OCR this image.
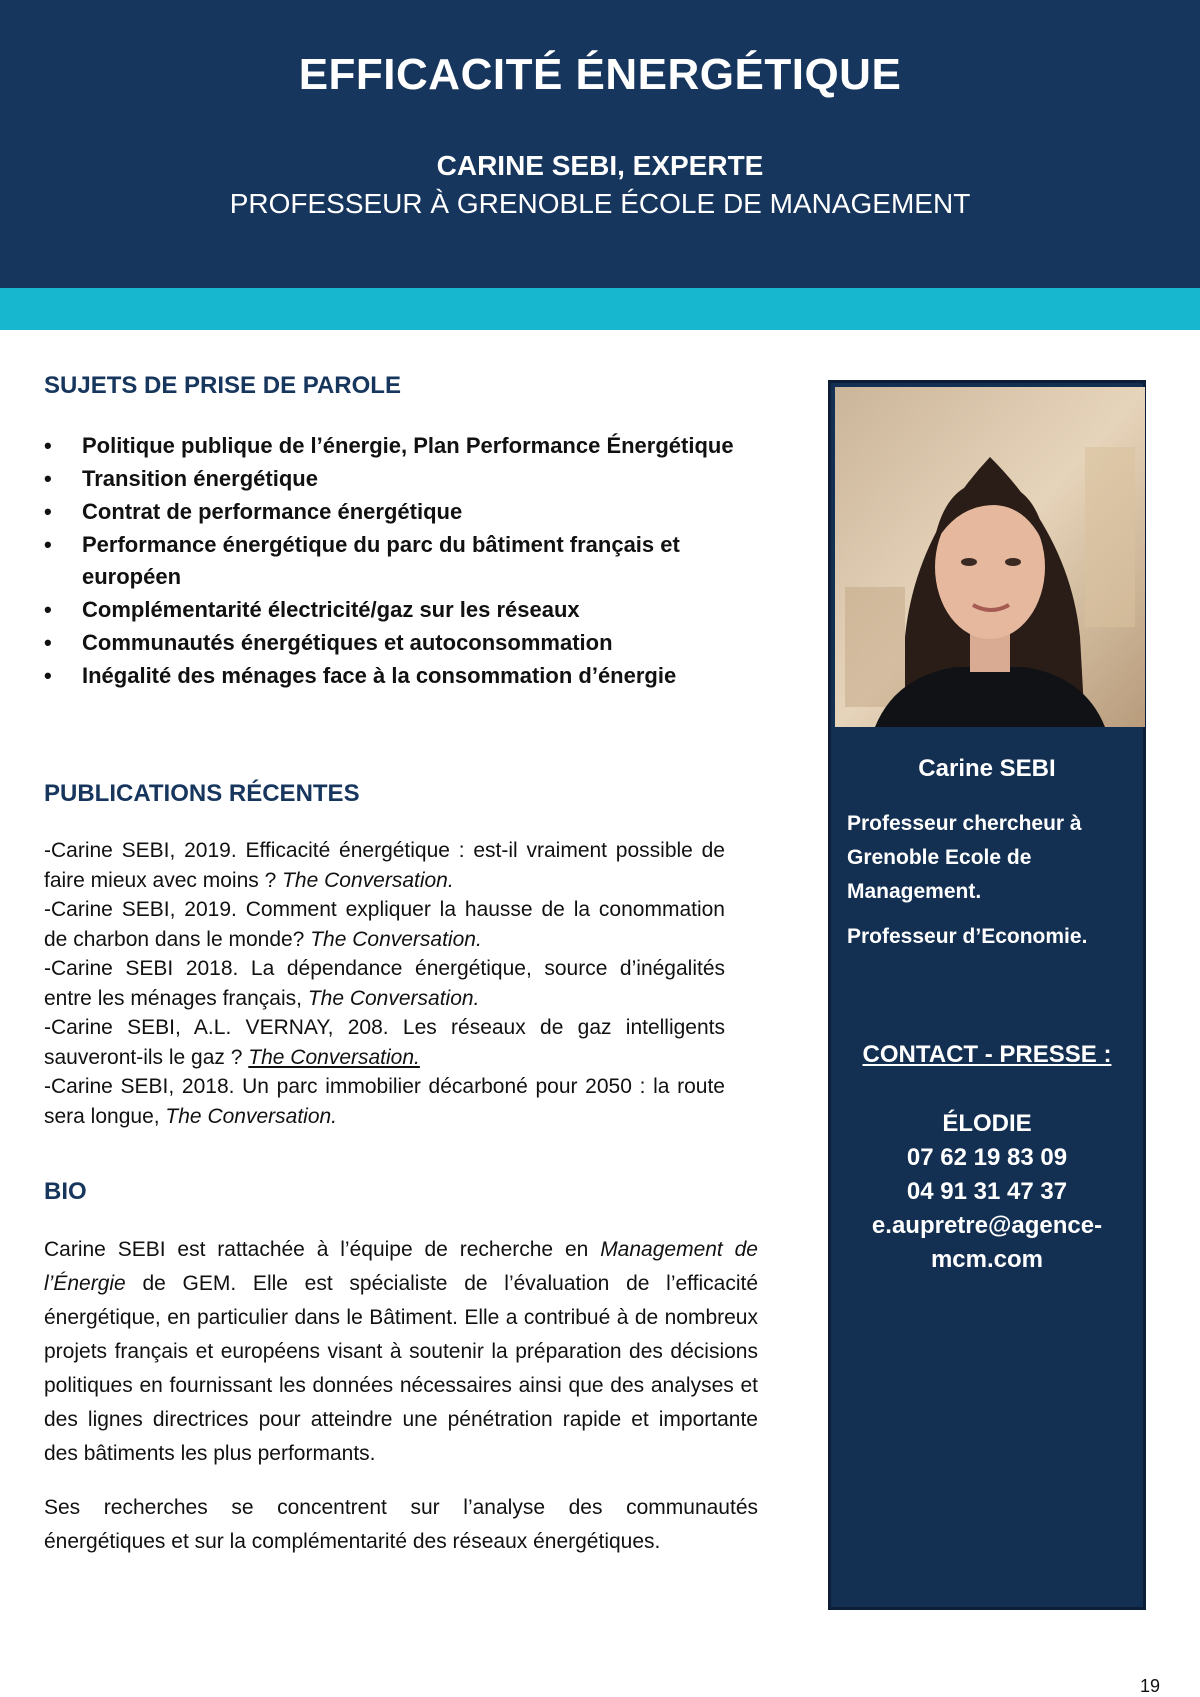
EFFICACITÉ ÉNERGÉTIQUE
CARINE SEBI, EXPERTE
PROFESSEUR À GRENOBLE ÉCOLE DE MANAGEMENT
SUJETS DE PRISE DE PAROLE
• Politique publique de l’énergie, Plan Performance Énergétique
• Transition énergétique
• Contrat de performance énergétique
• Performance énergétique du parc du bâtiment français et européen
• Complémentarité électricité/gaz sur les réseaux
• Communautés énergétiques et autoconsommation
• Inégalité des ménages face à la consommation d’énergie
PUBLICATIONS RÉCENTES

-Carine SEBI, 2019. Efficacité énergétique : est-il vraiment possible de faire mieux avec moins ? The Conversation.

-Carine SEBI, 2019. Comment expliquer la hausse de la conommation de charbon dans le monde? The Conversation.

-Carine SEBI 2018. La dépendance énergétique, source d’inégalités entre les ménages français, The Conversation.

-Carine SEBI, A.L. VERNAY, 208. Les réseaux de gaz intelligents sauveront-ils le gaz ? The Conversation.

-Carine SEBI, 2018. Un parc immobilier décarboné pour 2050 : la route sera longue, The Conversation.

BIO

Carine SEBI est rattachée à l’équipe de recherche en Management de l’Énergie de GEM. Elle est spécialiste de l’évaluation de l’efficacité énergétique, en particulier dans le Bâtiment. Elle a contribué à de nombreux projets français et européens visant à soutenir la préparation des décisions politiques en fournissant les données nécessaires ainsi que des analyses et des lignes directrices pour atteindre une pénétration rapide et importante des bâtiments les plus performants.

Ses recherches se concentrent sur l’analyse des communautés énergétiques et sur la complémentarité des réseaux énergétiques.

Carine SEBI
Professeur chercheur à Grenoble Ecole de Management.
Professeur d’Economie.
CONTACT - PRESSE :
ÉLODIE
07 62 19 83 09
04 91 31 47 37
e.aupretre@agence-
mcm.com
19
